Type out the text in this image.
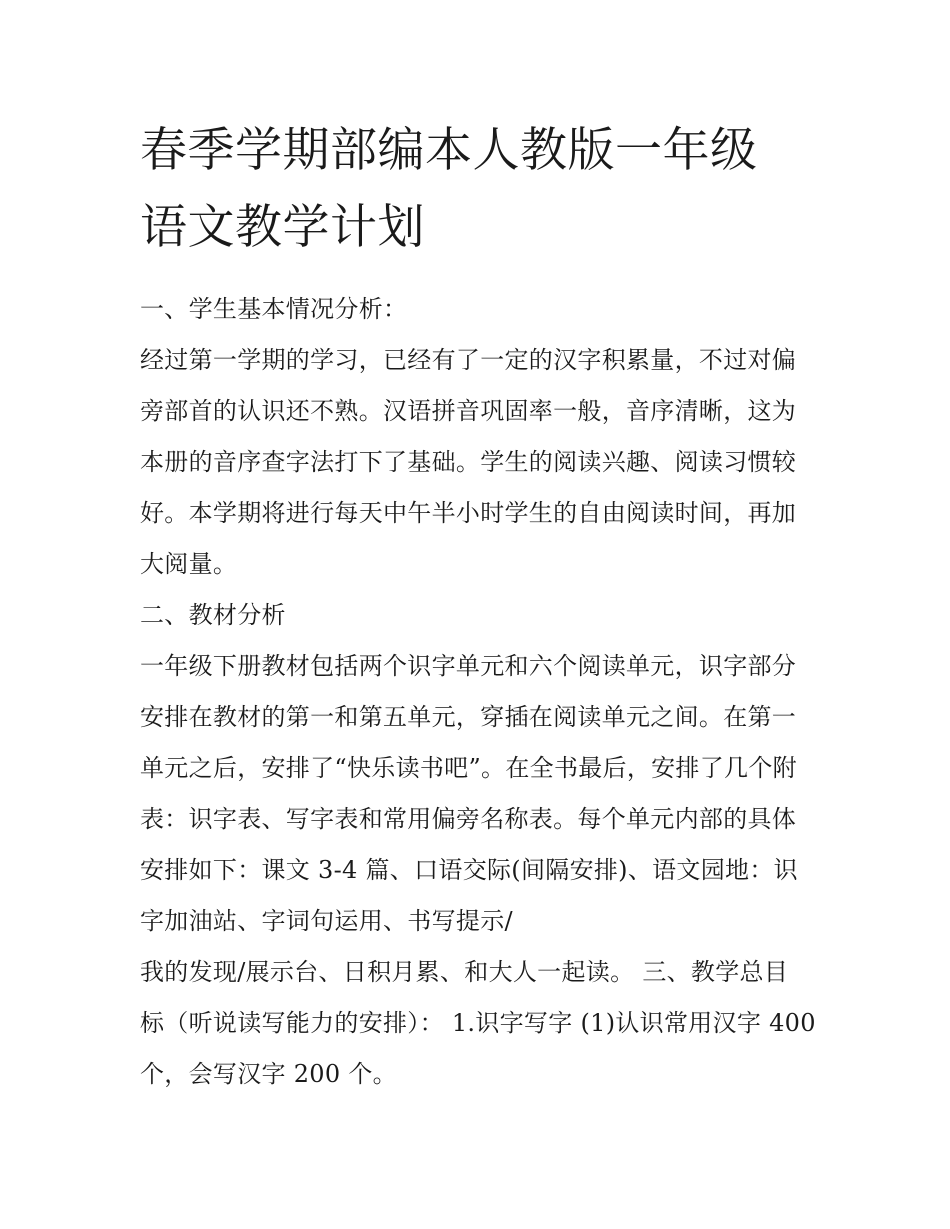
春季学期部编本人教版一年级
语文教学计划
一、学生基本情况分析：
经过第一学期的学习，已经有了一定的汉字积累量，不过对偏
旁部首的认识还不熟。汉语拼音巩固率一般，音序清晰，这为
本册的音序查字法打下了基础。学生的阅读兴趣、阅读习惯较
好。本学期将进行每天中午半小时学生的自由阅读时间，再加
大阅量。
二、教材分析
一年级下册教材包括两个识字单元和六个阅读单元，识字部分
安排在教材的第一和第五单元，穿插在阅读单元之间。在第一
单元之后，安排了“快乐读书吧”。在全书最后，安排了几个附
表：识字表、写字表和常用偏旁名称表。每个单元内部的具体
安排如下：课文 3-4 篇、口语交际(间隔安排)、语文园地：识
字加油站、字词句运用、书写提示/
我的发现/展示台、日积月累、和大人一起读。 三、教学总目
标（听说读写能力的安排）： 1.识字写字 (1)认识常用汉字 400
个，会写汉字 200 个。
